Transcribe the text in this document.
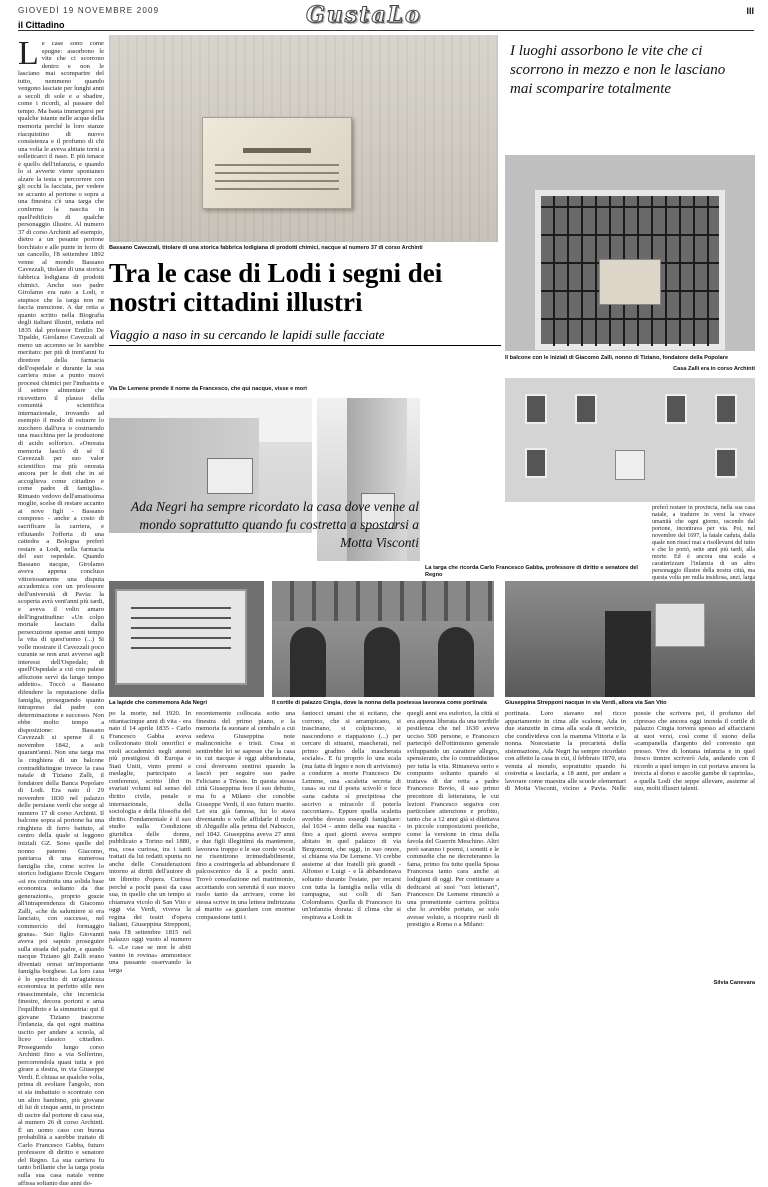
GIOVEDÌ 19 NOVEMBRE 2009
il Cittadino	GustaLo	III
Le case sono come spugne: assorbono le vite che ci scorrono dentro e non le lasciano mai scomparire del tutto, nemmeno quando vengono lasciate per lunghi anni a secoli di sole e a sbadire, come i ricordi, al passare del tempo. Ma basta immergersi per qualche istante nelle acque della memoria perché le loro stanze riacquistino di nuovo consistenza e il profumo di chi una volta le aveva abitate torni a solleticarci il naso. E più tenace è quello dell'infanzia, e quando lo si avverte viene spontaneo alzare la testa e percorrere con gli occhi la facciata, per vedere se accanto al portone o sopra a una finestra c'è una targa che conferma la nascita in quell'edificio di qualche personaggio illustre. Al numero 37 di corso Archinti ad esempio, dietro a un pesante portone borchiato e alle punte in ferro di un cancello, l'8 settembre 1892 venne al mondo Bassano Cavezzali, titolare di una storica fabbrica lodigiana di prodotti chimici. Anche suo padre Girolamo era nato a Lodi, e stupisce che la targa non ne faccia menzione. A dar retta a quanto scritto nella Biografia degli italiani illustri, redatta nel 1835 dal professor Emilio De Tipaldo, Girolamo Cavezzali al meno un accenno se lo sarebbe meritato: per più di trent'anni fu direttore della farmacia dell'ospedale e durante la sua carriera mise a punto nuovi processi chimici per l'industria e il settore alimentare che ricevettero il plauso della comunità scientifica internazionale, trovando ad esempio il modo di estrarre lo zucchero dall'uva o costruendo una macchina per la produzione di acido solforico. «Onorata memoria lasciò di sé il Cavezzali per suo valor scientifico ma più onorata ancora per le doti che in sé accoglieva come cittadino e come padre di famiglia». Rimasto vedovo dell'amatissima moglie, scelse di restare accanto ai nove figli - Bassano compreso - anche a costo di sacrificare la carriera, e rifiutando l'offerta di una cattedra a Bologna preferì restare a Lodi, nella farmacia del suo ospedale. Quando Bassano nacque, Girolamo aveva appena concluso vittoriosamente una disputa accademica con un professore dell'università di Pavia: la scoperta avrà vent'anni più tardi, e aveva il volto amaro dell'ingratitudine: «Un colpo mortale lasciato dalla persecuzione spense anni tempo la vita di quest'uomo (...) Si volle mostrare il Cavezzali poco curante se non anzi avverso agli interessi dell'Ospedale; di quell'Ospedale a cui con palese affezione servì da lungo tempo addetto». Toccò a Bassano difendere la reputazione della famiglia, proseguendo quanto intrapreso dal padre con determinazione e successo. Non ebbe molto tempo a disposizione: Bassano Cavezzali si spense il 6 novembre 1842, a soli quarant'anni. Non una targa ma la ringhiera di un balcone contraddistingue invece la casa natale di Tiziano Zalli, il fondatore della Banca Popolare di Lodi. Era nato il 29 novembre 1830 nel palazzo delle persiane verdi che sorge al numero 17 di corso Archinti. Il balcone sopra al portone ha una ringhiera di ferro battuto, al centro della quale si leggono iniziali GZ. Sono quelle del nonno paterno Giacomo, patriarca di una numerosa famiglia che, come scrive lo storico lodigiano Ercole Ongaro «si era costruita una solida base economica soltanto da due generazioni», proprio grazie all'intraprendenza di Giacomo Zalli, «che da salumiere si era lanciato, con successo, nel commercio del formaggio grana». Suo figlio Giovanni aveva poi saputo proseguire sulla strada del padre, e quando nacque Tiziano gli Zalli erano diventati ormai un'importante famiglia borghese. La loro casa è lo specchio di un'agiatezza economica in perfetto stile neo rinascimentale, che incornicia finestre, decora portoni e ama l'equilibrio e la simmetria: qui il giovane Tiziano trascorse l'infanzia, da qui ogni mattina uscito per andare a scuola, al liceo classico cittadino. Proseguendo lungo corso Archinti fino a via Solferino, percorrendola quasi tutta e poi girare a destra, in via Giuseppe Verdi. È chiusa se qualche volta, prima di svoltare l'angolo, non si sia imbattuto o scontrato con un altro bambino, più giovane di lui di cinque anni, in procinto di uscire dal portone di casa sua, al numero 26 di corso Archinti. È un uomo caso con buona probabilità a sarebbe trattato di Carlo Francesco Gabba, futuro professore di diritto e senatore del Regno. La sua carriera fu tanto brillante che la targa posta sulla sua casa natale venne affissa soltanto due anni do-
Bassano Cavezzali, titolare di una storica fabbrica lodigiana di prodotti chimici, nacque al numero 37 di corso Archinti
I luoghi assorbono le vite che ci scorrono in mezzo e non le lasciano mai scomparire totalmente
Il balcone con le iniziali di Giacomo Zalli, nonno di Tiziano, fondatore della Popolare
Tra le case di Lodi i segni dei nostri cittadini illustri
Viaggio a naso in su cercando le lapidi sulle facciate
Via De Lemene prende il nome da Francesco, che qui nacque, visse e morì
Casa Zalli era in corso Archinti
Ada Negri ha sempre ricordato la casa dove venne al mondo soprattutto quando fu costretta a spostarsi a Motta Visconti
La targa che ricorda Carlo Francesco Gabba, professore di diritto e senatore del Regno
preferì restare in provincia, nella sua casa natale, a tradurre in versi la vivace umanità che ogni giorno, uscendo dal portone, incontrava per via. Poi, nel novembre del 1697, la fatale caduta, dalla quale non riuscì mai a risollevarsi del tutto e che lo portò, sette anni più tardi, alla morte. Ed è ancora una scala a caratterizzare l'infanzia di un altro personaggio illustre della nostra città, ma questa volta per nulla insidiosa, anzi, larga
La lapide che commemora Ada Negri	Il cortile di palazzo Cingia, dove la nonna della poetessa lavorava come portinaia	Giuseppina Strepponi nacque in via Verdi, allora via San Vito
po la morte, nel 1920. In ottantacinque anni di vita - era nato il 14 aprile 1835 - Carlo Francesco Gabba aveva collezionato titoli onorifici e ruoli accademici negli atenei più prestigiosi di Europa e Stati Uniti, vinto premi e medaglie, partecipato a conferenze, scritto libri in svariati volumi sul senso del diritto civile, penale e internazionale, della sociologia e della filosofia del diritto. Fondamentale è il suo studio sulla Condizione giuridica delle donne, pubblicato a Torino nel 1880, ma, cosa curiosa, tra i tanti trattati da lui redatti spunta no anche delle Considerazioni intorno ai diritti dell'autore di un libretto d'opera. Curiosa perché a pochi passi da casa sua, in quello che un tempo si chiamava vicolo di San Vito e oggi via Verdi, viveva la regina dei teatri d'opera italiani, Giuseppina Strepponi, nata l'8 settembre 1815 nel palazzo oggi vuoto al numero 6. «Le case se non le abiti vanno in rovina» ammonisce una passante osservando la targa
recentemente collocata sotto una finestra del primo piano, e la memoria fa suonare al cembalo a cui sedeva Giuseppina note malinconiche e tristi. Cosa si sentirebbe lei se sapesse che la casa in cui nacque è oggi abbandonata, così dovevano sentirsi quando la lasciò per seguire suo padre Feliciano a Trieste. In questa stessa città Giuseppina fece il suo debutto, ma fu a Milano che conobbe Giuseppe Verdi, il suo futuro marito. Lei era già famosa, lui lo stava diventando e volle affidarle il ruolo di Abigaille alla prima del Nabucco, nel 1842. Giuseppina aveva 27 anni e due figli illegittimi da mantenere, lavorava troppo e le sue corde vocali ne risentirono irrimediabilmente, fino a costringerla ad abbandonare il palcoscenico da lì a pochi anni. Trovò consolazione nel matrimonio, accettando con serenità il suo nuovo ruolo tanto da arrivare, come lei stessa scrive in una lettera indirizzata al marito «a guardare con enorme compassione tutti i
fantocci umani che si ecitano, che corrono, che si arrampicano, si trascinano, si colpiscono, si nascondono e riappaiono (...) per cercare di situarsi, mascherati, nel primo gradino della mascherata sociale». E fu proprio lo una scala (ma fatta di legno e non di arrivismo) a condurre a morte Francesco De Lemene, una «scaletta secreta di casa» su cui il poeta scivolò e fece «una caduta sì precipitosa che ascrivo a miracolo il poterla raccontare». Eppure quella scaletta avrebbe dovuto essergli famigliare: dal 1634 - anno della sua nascita - fino a quei giorni aveva sempre abitato in quel palazzo di via Bergonzoni, che oggi, in suo onore, si chiama via De Lemene. Vi crebbe assieme ai due fratelli più grandi - Alfonso e Luigi - e là abbandonava soltanto durante l'estate, per recarsi con tutta la famiglia nella villa di campagna, sui colli di San Colombano. Quella di Francesco fu un'infanzia dorata: il clima che si respirava a Lodi in
quegli anni era euforico, la città si era appena liberata da una terribile pestilenza che nel 1630 aveva ucciso 500 persone, e Francesco partecipò dell'ottimismo generale sviluppando un carattere allegro, spensierato, che lo contraddistinse per tutta la vita. Rimaneva serio e compunto soltanto quando si trattava di dar retta a padre Francesco Bovio, il suo primo precettore di letteratura, le cui lezioni Francesco seguiva con particolare attenzione e profitto, tanto che a 12 anni già si dilettava in piccole composizioni poetiche, come la versione in rima della favola del Guerrin Meschino. Altri però saranno i poemi, i sonetti e le commedie che ne decreteranno la fama, primo fra tutte quella Sposa Francesca tanto cara anche ai lodigiani di oggi. Per continuare a dedicarsi ai suoi "ozi letterari", Francesco De Lemene rinunciò a una promettente carriera politica che lo avrebbe portato, se solo avesse voluto, a ricoprire ruoli di prestigio a Roma o a Milano:
portinaia. Loro stavano nel ricco appartamento in cima alle scalone, Ada in due stanzette in cima alla scala di servizio, che condivideva con la mamma Vittoria e la nonna. Nonostante la precarietà della sistemazione, Ada Negri ha sempre ricordato con affetto la casa in cui, il febbraio 1870, era venuta al mondo, soprattutto quando fu costretta a lasciarla, a 18 anni, per andare a lavorare come maestra alle scuole elementari di Motta Visconti, vicino a Pavia. Nelle poesie che scrivera poi, il profumo del cipresso che ancora oggi inonda il cortile di palazzo Cingia torverà spesso ad affacciarsi ai suoi versi, così come il suono della «campanella d'argento del convento qui presso. Vive di lontana infanzia e in quel fresco tinnire scriverò Ada, andando con il ricordo a quel tempo in cui portava ancora la treccia al dorso e ascolte gambe di capriola», a quella Lodi che seppe allevare, assieme al suo, molti illustri talenti.
Silvia Canevara
